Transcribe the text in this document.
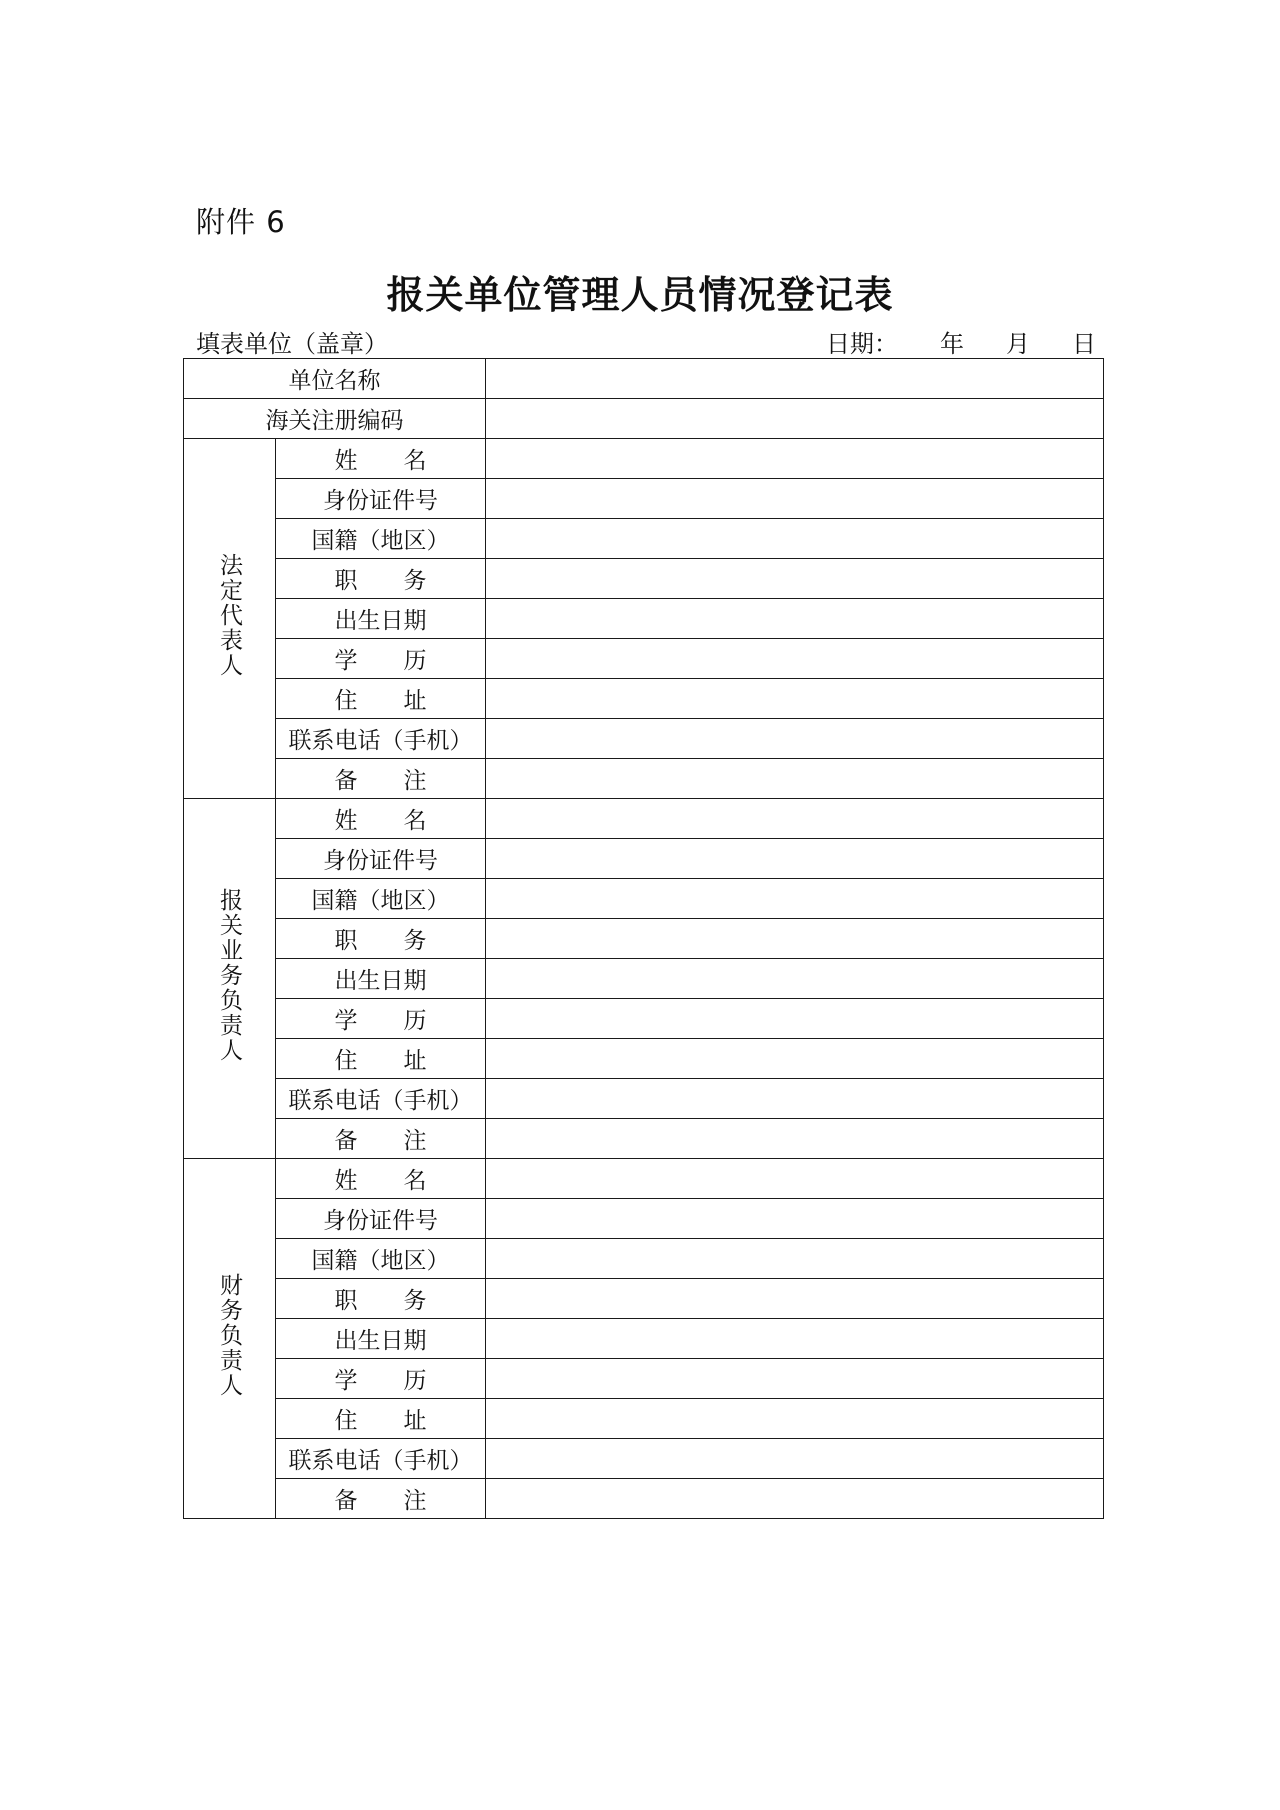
附件 6
报关单位管理人员情况登记表
填表单位（盖章）	日期： 年 月 日
单位名称		
海关注册编码		
法定代表人	姓　　名	
	身份证件号	
	国籍（地区）	
	职　　务	
	出生日期	
	学　　历	
	住　　址	
	联系电话（手机）	
	备　　注	
报关业务负责人	姓　　名	
	身份证件号	
	国籍（地区）	
	职　　务	
	出生日期	
	学　　历	
	住　　址	
	联系电话（手机）	
	备　　注	
财务负责人	姓　　名	
	身份证件号	
	国籍（地区）	
	职　　务	
	出生日期	
	学　　历	
	住　　址	
	联系电话（手机）	
	备　　注	
